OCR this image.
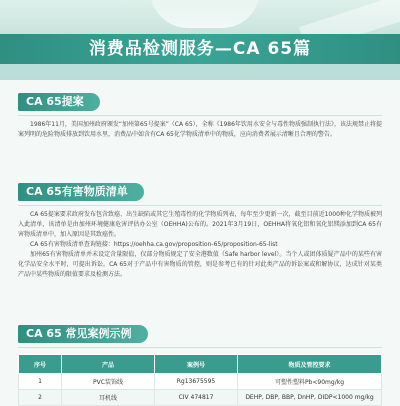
消费品检测服务—CA 65篇
CA 65提案

1986年11月，美国加州政府颁发“加州第65号提案”（CA 65），全称《1986年饮用水安全与毒性物质强制执行法》，该法规禁止将提案列明的危险物质排放到饮用水里，消费品中如含有CA 65化学物质清单中的物质，应向消费者展示清晰且合理的警告。

CA 65有害物质清单

CA 65提案要求政府发布包含致癌、出生缺陷或其它生殖毒性的化学物质列表，每年至少更新一次，截至目前近1000种化学物质被列入此清单，该清单是由加州环境健康危害评估办公室（OEHHA)公布的。2021年3月19日，OEHHA将氧化铝和氧化铝镁添加到CA 65有害物质清单中，加入原因是其致癌性。

CA 65有害物质清单查询链接：https://oehha.ca.gov/proposition-65/proposition-65-list

加州65有害物质清单并未设定含量限值，仅部分物质规定了安全港数值（Safe harbor level）。当个人或团体质疑产品中的某些有害化学品安全水平时，可提出诉讼。CA 65对于产品中有害物质的管控，则是参考已有的针对此类产品的诉讼案或和解协议，达成针对某类产品中某些物质的限值要求及检测方法。

CA 65 常见案例示例
序号	产品	案例号	物质及管控要求
1	PVC装饰线	Rg13675595	可塑性塑料Pb<90mg/kg
2	耳机线	CIV 474817	DEHP, DBP, BBP, DnHP, DIDP<1000 mg/kg
